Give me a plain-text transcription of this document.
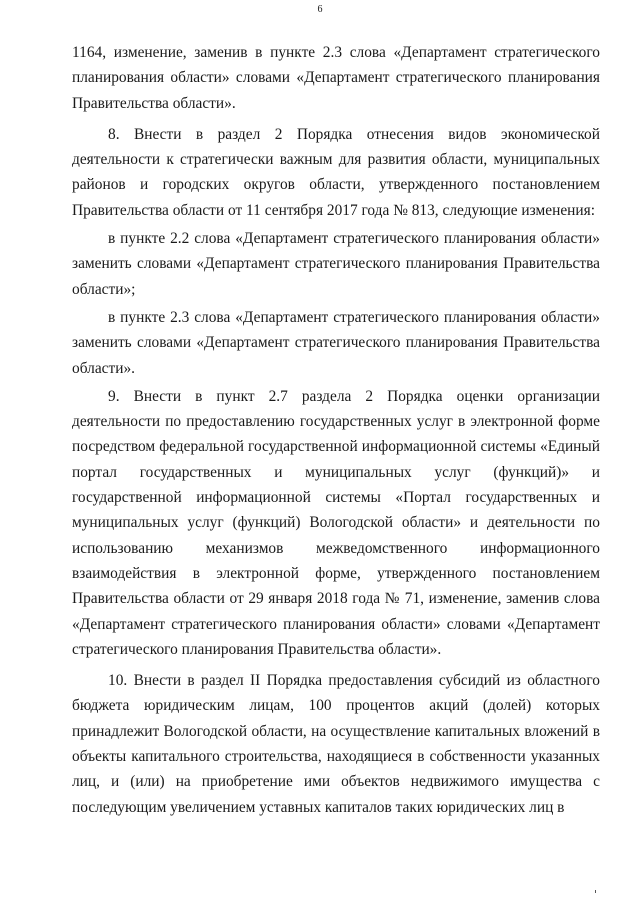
6

1164, изменение, заменив в пункте 2.3 слова «Департамент стратегического планирования области» словами «Департамент стратегического планирования Правительства области».

8. Внести в раздел 2 Порядка отнесения видов экономической деятельности к стратегически важным для развития области, муниципальных районов и городских округов области, утвержденного постановлением Правительства области от 11 сентября 2017 года № 813, следующие изменения:

в пункте 2.2 слова «Департамент стратегического планирования области» заменить словами «Департамент стратегического планирования Правительства области»;

в пункте 2.3 слова «Департамент стратегического планирования области» заменить словами «Департамент стратегического планирования Правительства области».

9. Внести в пункт 2.7 раздела 2 Порядка оценки организации деятельности по предоставлению государственных услуг в электронной форме посредством федеральной государственной информационной системы «Единый портал государственных и муниципальных услуг (функций)» и государственной информационной системы «Портал государственных и муниципальных услуг (функций) Вологодской области» и деятельности по использованию механизмов межведомственного информационного взаимодействия в электронной форме, утвержденного постановлением Правительства области от 29 января 2018 года № 71, изменение, заменив слова «Департамент стратегического планирования области» словами «Департамент стратегического планирования Правительства области».

10. Внести в раздел II Порядка предоставления субсидий из областного бюджета юридическим лицам, 100 процентов акций (долей) которых принадлежит Вологодской области, на осуществление капитальных вложений в объекты капитального строительства, находящиеся в собственности указанных лиц, и (или) на приобретение ими объектов недвижимого имущества с последующим увеличением уставных капиталов таких юридических лиц в
